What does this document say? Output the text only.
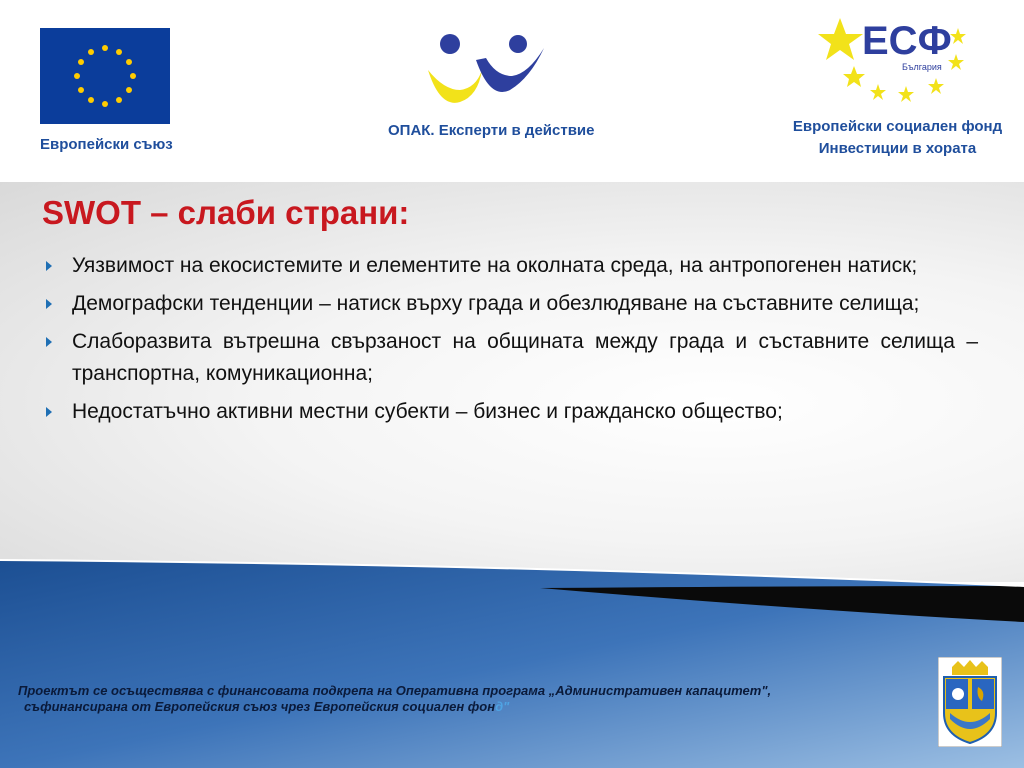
Европейски съюз
ОПАК. Експерти в действие
ЕСФ
България
Европейски социален фонд
Инвестиции в хората
SWOT – слаби страни:
Уязвимост на екосистемите и елементите на околната среда, на антропогенен натиск;
Демографски тенденции – натиск върху града и обезлюдяване на съставните селища;
Слаборазвита вътрешна свързаност на общината между града и съставните селища – транспортна, комуникационна;
Недостатъчно активни местни субекти – бизнес и гражданско общество;
Проектът се осъществява с финансовата подкрепа на Оперативна програма „Административен капацитет",
съфинансирана от Европейския съюз чрез Европейския социален фонд"
